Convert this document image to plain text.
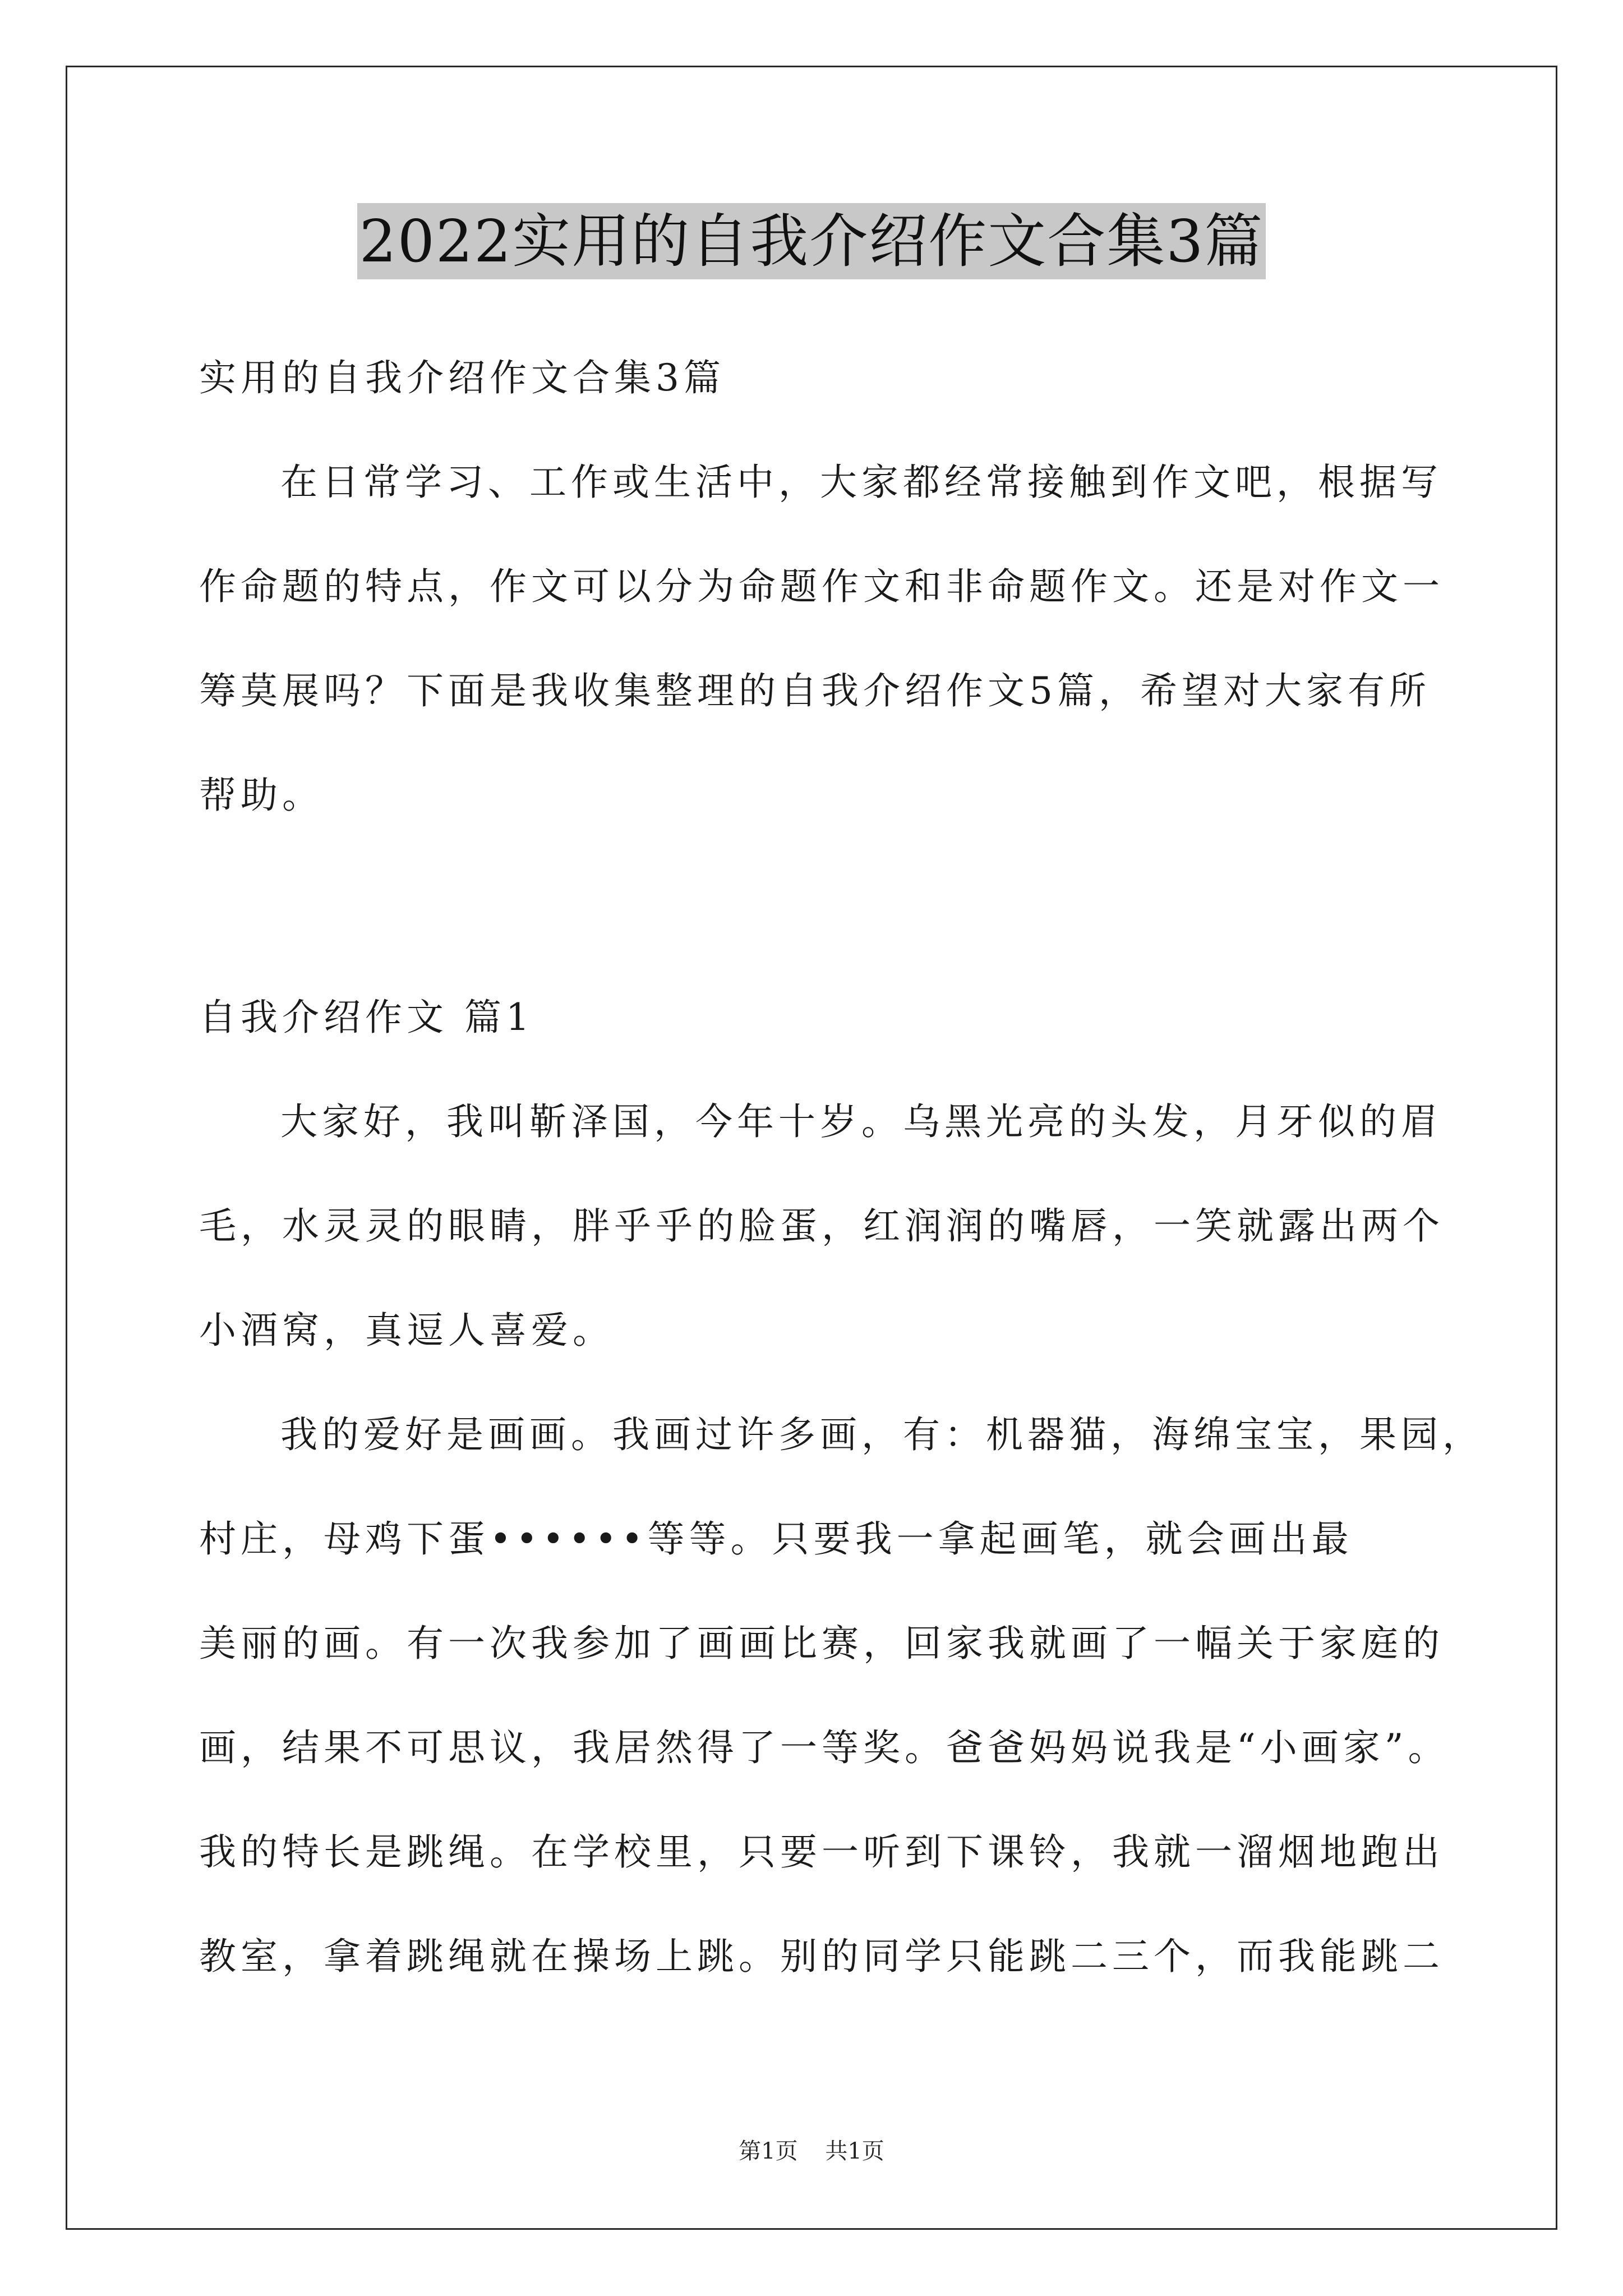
2022实用的自我介绍作文合集3篇
实用的自我介绍作文合集3篇
在日常学习、工作或生活中，大家都经常接触到作文吧，根据写
作命题的特点，作文可以分为命题作文和非命题作文。还是对作文一
筹莫展吗？下面是我收集整理的自我介绍作文5篇，希望对大家有所
帮助。
自我介绍作文 篇1
大家好，我叫靳泽国，今年十岁。乌黑光亮的头发，月牙似的眉
毛，水灵灵的眼睛，胖乎乎的脸蛋，红润润的嘴唇，一笑就露出两个
小酒窝，真逗人喜爱。
我的爱好是画画。我画过许多画，有：机器猫，海绵宝宝，果园，
村庄，母鸡下蛋••••••等等。只要我一拿起画笔，就会画出最
美丽的画。有一次我参加了画画比赛，回家我就画了一幅关于家庭的
画，结果不可思议，我居然得了一等奖。爸爸妈妈说我是“小画家”。
我的特长是跳绳。在学校里，只要一听到下课铃，我就一溜烟地跑出
教室，拿着跳绳就在操场上跳。别的同学只能跳二三个，而我能跳二
第1页 共1页
